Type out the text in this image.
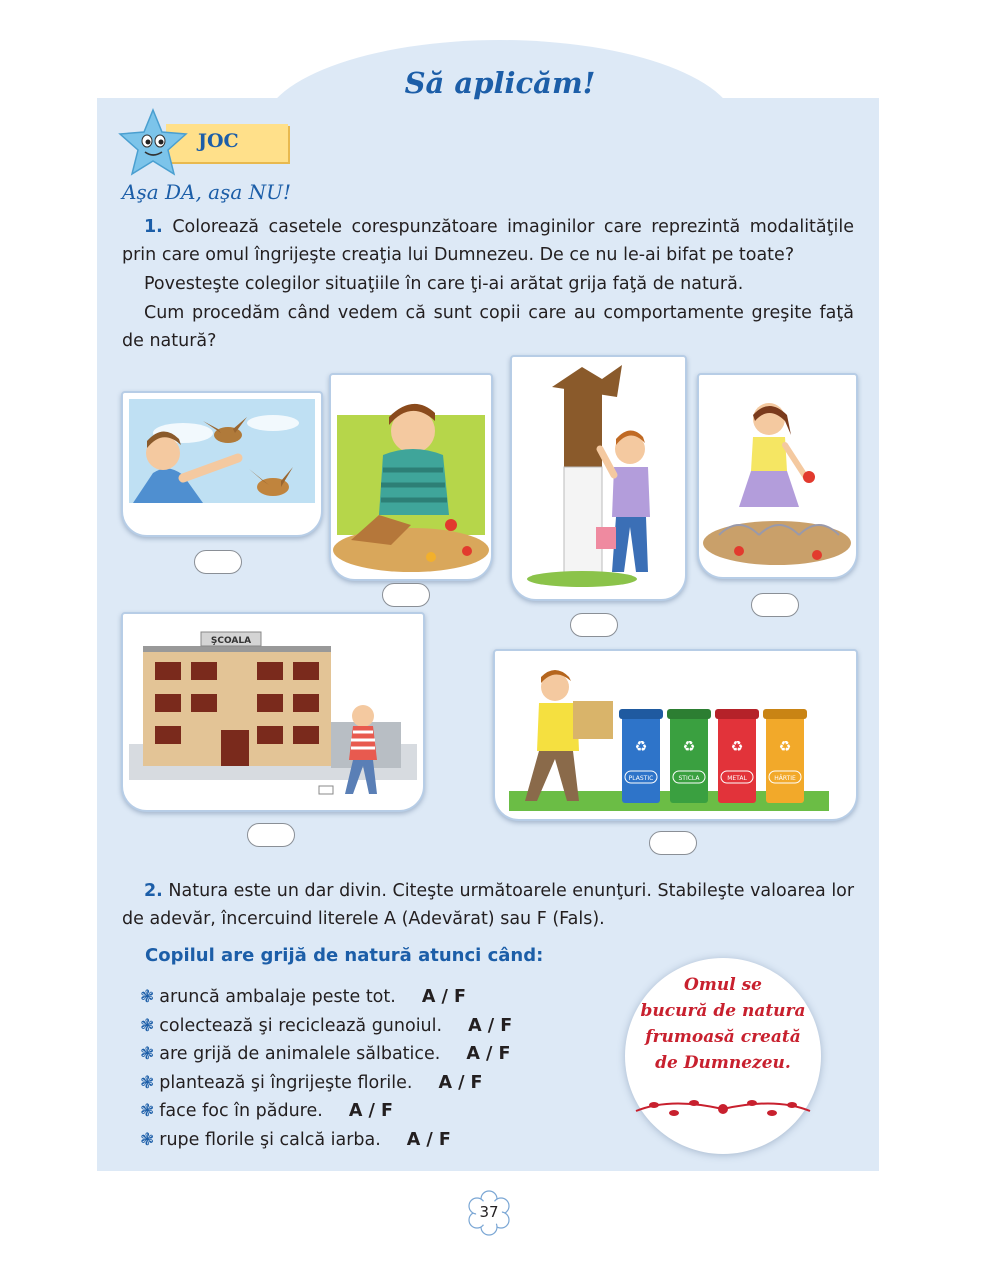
Să aplicăm!
JOC
Aşa DA, aşa NU!
1. Colorează casetele corespunzătoare imaginilor care reprezintă modalităţile prin care omul îngrijeşte creaţia lui Dumnezeu. De ce nu le-ai bifat pe toate?
Povesteşte colegilor situaţiile în care ţi-ai arătat grija faţă de natură.
Cum procedăm când vedem că sunt copii care au comportamente greşite faţă de natură?
ŞCOALA
♻	♻	♻	♻
PLASTIC	STICLA	METAL	HÂRTIE
2. Natura este un dar divin. Citeşte următoarele enunţuri. Stabileşte valoarea lor de adevăr, încercuind literele A (Adevărat) sau F (Fals).
Copilul are grijă de natură atunci când:
❃ aruncă ambalaje peste tot. A / F
❃ colectează şi reciclează gunoiul. A / F
❃ are grijă de animalele sălbatice. A / F
❃ plantează şi îngrijeşte florile. A / F
❃ face foc în pădure. A / F
❃ rupe florile şi calcă iarba. A / F
Omul se
bucură de natura
frumoasă creată
de Dumnezeu.
37
